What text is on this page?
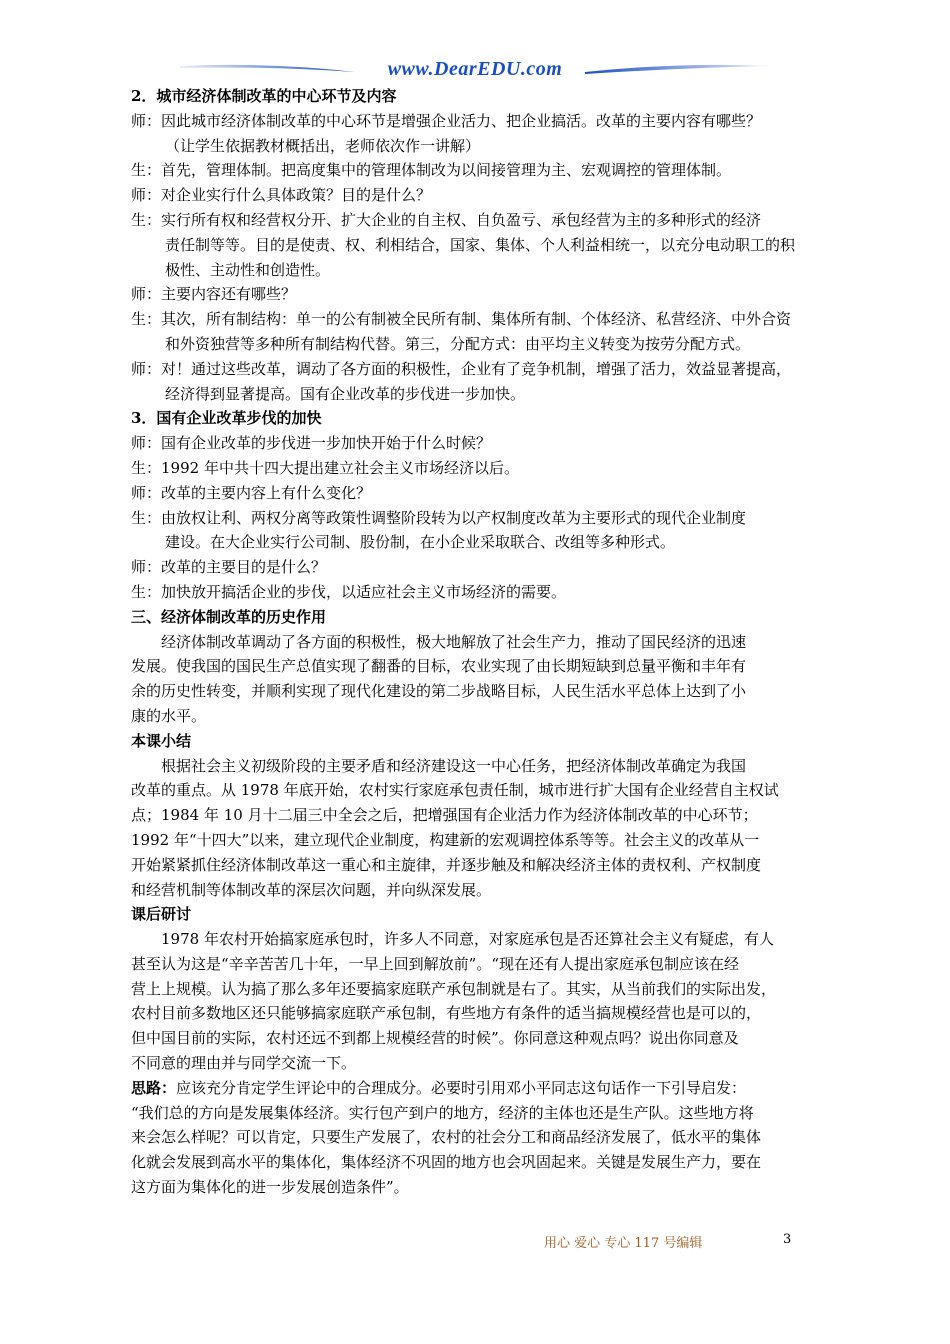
www.DearEDU.com
2．城市经济体制改革的中心环节及内容
师：因此城市经济体制改革的中心环节是增强企业活力、把企业搞活。改革的主要内容有哪些？
（让学生依据教材概括出，老师依次作一讲解）
生：首先，管理体制。把高度集中的管理体制改为以间接管理为主、宏观调控的管理体制。
师：对企业实行什么具体政策？目的是什么？
生：实行所有权和经营权分开、扩大企业的自主权、自负盈亏、承包经营为主的多种形式的经济
责任制等等。目的是使责、权、利相结合，国家、集体、个人利益相统一，以充分电动职工的积
极性、主动性和创造性。
师：主要内容还有哪些？
生：其次，所有制结构：单一的公有制被全民所有制、集体所有制、个体经济、私营经济、中外合资
和外资独营等多种所有制结构代替。第三，分配方式：由平均主义转变为按劳分配方式。
师：对！通过这些改革，调动了各方面的积极性，企业有了竞争机制，增强了活力，效益显著提高，
经济得到显著提高。国有企业改革的步伐进一步加快。
3．国有企业改革步伐的加快
师：国有企业改革的步伐进一步加快开始于什么时候？
生：1992 年中共十四大提出建立社会主义市场经济以后。
师：改革的主要内容上有什么变化？
生：由放权让利、两权分离等政策性调整阶段转为以产权制度改革为主要形式的现代企业制度
建设。在大企业实行公司制、股份制，在小企业采取联合、改组等多种形式。
师：改革的主要目的是什么？
生：加快放开搞活企业的步伐，以适应社会主义市场经济的需要。
三、经济体制改革的历史作用
经济体制改革调动了各方面的积极性，极大地解放了社会生产力，推动了国民经济的迅速
发展。使我国的国民生产总值实现了翻番的目标，农业实现了由长期短缺到总量平衡和丰年有
余的历史性转变，并顺利实现了现代化建设的第二步战略目标，人民生活水平总体上达到了小
康的水平。
本课小结
根据社会主义初级阶段的主要矛盾和经济建设这一中心任务，把经济体制改革确定为我国
改革的重点。从 1978 年底开始，农村实行家庭承包责任制，城市进行扩大国有企业经营自主权试
点；1984 年 10 月十二届三中全会之后，把增强国有企业活力作为经济体制改革的中心环节；
1992 年“十四大”以来，建立现代企业制度，构建新的宏观调控体系等等。社会主义的改革从一
开始紧紧抓住经济体制改革这一重心和主旋律，并逐步触及和解决经济主体的责权利、产权制度
和经营机制等体制改革的深层次问题，并向纵深发展。
课后研讨
1978 年农村开始搞家庭承包时，许多人不同意，对家庭承包是否还算社会主义有疑虑，有人
甚至认为这是“辛辛苦苦几十年，一早上回到解放前”。“现在还有人提出家庭承包制应该在经
营上上规模。认为搞了那么多年还要搞家庭联产承包制就是右了。其实，从当前我们的实际出发，
农村目前多数地区还只能够搞家庭联产承包制，有些地方有条件的适当搞规模经营也是可以的，
但中国目前的实际，农村还远不到都上规模经营的时候”。你同意这种观点吗？说出你同意及
不同意的理由并与同学交流一下。
思路：应该充分肯定学生评论中的合理成分。必要时引用邓小平同志这句话作一下引导启发：
“我们总的方向是发展集体经济。实行包产到户的地方，经济的主体也还是生产队。这些地方将
来会怎么样呢？可以肯定，只要生产发展了，农村的社会分工和商品经济发展了，低水平的集体
化就会发展到高水平的集体化，集体经济不巩固的地方也会巩固起来。关键是发展生产力，要在
这方面为集体化的进一步发展创造条件”。
用心 爱心 专心 117 号编辑	3
